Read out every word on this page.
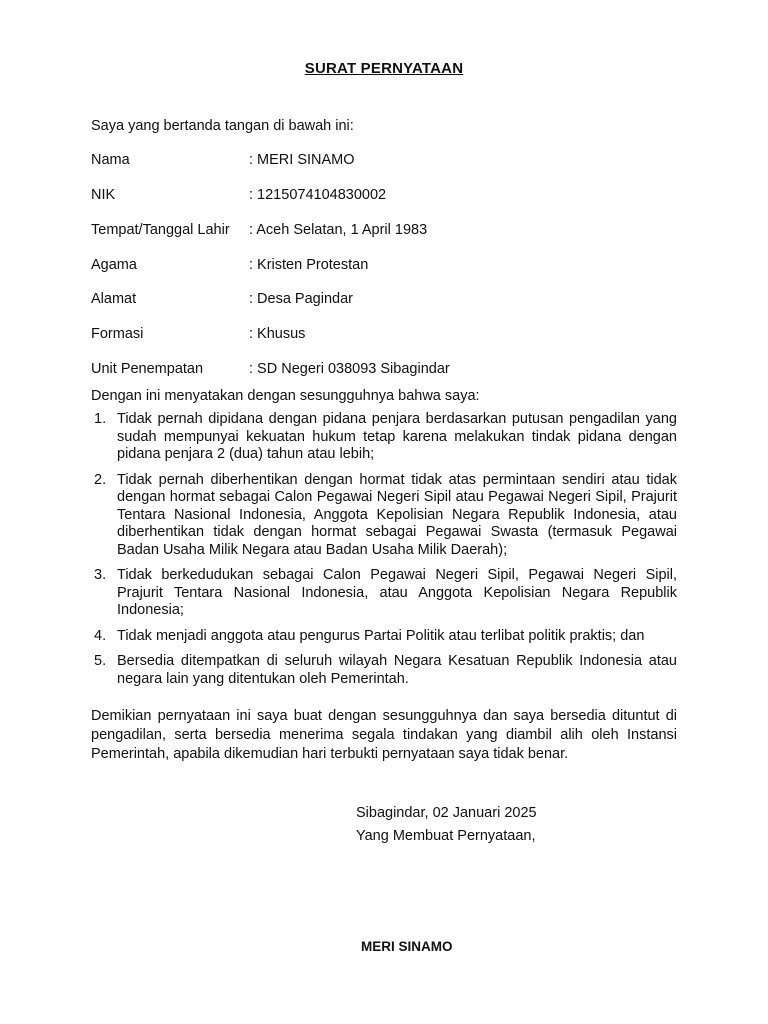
SURAT PERNYATAAN
Saya yang bertanda tangan di bawah ini:
Nama	: MERI SINAMO
NIK	: 1215074104830002
Tempat/Tanggal Lahir : Aceh Selatan, 1 April 1983
Agama	: Kristen Protestan
Alamat	: Desa Pagindar
Formasi	: Khusus
Unit Penempatan	: SD Negeri 038093 Sibagindar
Dengan ini menyatakan dengan sesungguhnya bahwa saya:
1. Tidak pernah dipidana dengan pidana penjara berdasarkan putusan pengadilan yang sudah mempunyai kekuatan hukum tetap karena melakukan tindak pidana dengan pidana penjara 2 (dua) tahun atau lebih;
2. Tidak pernah diberhentikan dengan hormat tidak atas permintaan sendiri atau tidak dengan hormat sebagai Calon Pegawai Negeri Sipil atau Pegawai Negeri Sipil, Prajurit Tentara Nasional Indonesia, Anggota Kepolisian Negara Republik Indonesia, atau diberhentikan tidak dengan hormat sebagai Pegawai Swasta (termasuk Pegawai Badan Usaha Milik Negara atau Badan Usaha Milik Daerah);
3. Tidak berkedudukan sebagai Calon Pegawai Negeri Sipil, Pegawai Negeri Sipil, Prajurit Tentara Nasional Indonesia, atau Anggota Kepolisian Negara Republik Indonesia;
4. Tidak menjadi anggota atau pengurus Partai Politik atau terlibat politik praktis; dan
5. Bersedia ditempatkan di seluruh wilayah Negara Kesatuan Republik Indonesia atau negara lain yang ditentukan oleh Pemerintah.
Demikian pernyataan ini saya buat dengan sesungguhnya dan saya bersedia dituntut di pengadilan, serta bersedia menerima segala tindakan yang diambil alih oleh Instansi Pemerintah, apabila dikemudian hari terbukti pernyataan saya tidak benar.
Sibagindar, 02 Januari 2025
Yang Membuat Pernyataan,
MERI SINAMO
